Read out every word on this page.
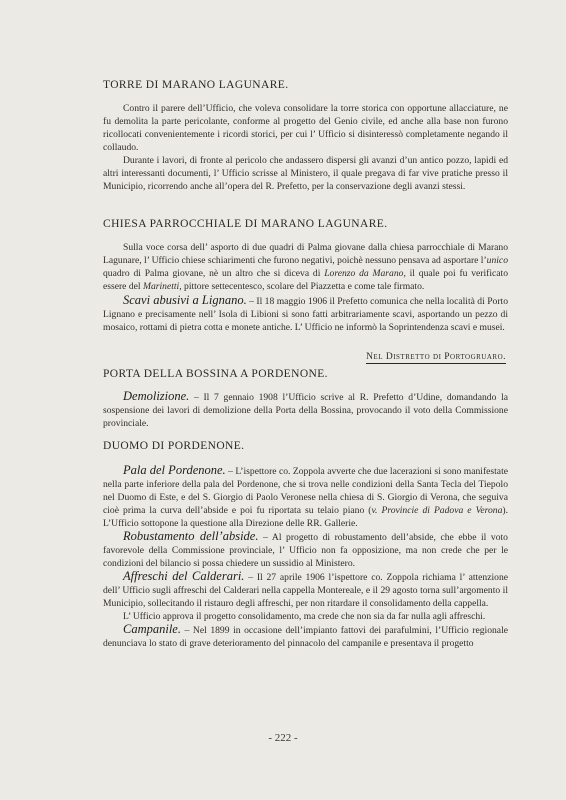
TORRE DI MARANO LAGUNARE.

Contro il parere dell’Ufficio, che voleva consolidare la torre storica con opportune allacciature, ne fu demolita la parte pericolante, conforme al progetto del Genio civile, ed anche alla base non furono ricollocati convenientemente i ricordi storici, per cui l’ Ufficio si disinteressò completamente negando il collaudo.

Durante i lavori, di fronte al pericolo che andassero dispersi gli avanzi d’un antico pozzo, lapidi ed altri interessanti documenti, l’ Ufficio scrisse al Ministero, il quale pregava di far vive pratiche presso il Municipio, ricorrendo anche all’opera del R. Prefetto, per la conservazione degli avanzi stessi.

CHIESA PARROCCHIALE DI MARANO LAGUNARE.

Sulla voce corsa dell’ asporto di due quadri di Palma giovane dalla chiesa parrocchiale di Marano Lagunare, l’ Ufficio chiese schiarimenti che furono negativi, poichè nessuno pensava ad asportare l’unico quadro di Palma giovane, nè un altro che si diceva di Lorenzo da Marano, il quale poi fu verificato essere del Marinetti, pittore settecentesco, scolare del Piazzetta e come tale firmato.

Scavi abusivi a Lignano. – Il 18 maggio 1906 il Prefetto comunica che nella località di Porto Lignano e precisamente nell’ Isola di Libioni si sono fatti arbitrariamente scavi, asportando un pezzo di mosaico, rottami di pietra cotta e monete antiche. L’ Ufficio ne informò la Soprintendenza scavi e musei.

Nel Distretto di Portogruaro.
PORTA DELLA BOSSINA A PORDENONE.

Demolizione. – Il 7 gennaio 1908 l’Ufficio scrive al R. Prefetto d’Udine, domandando la sospensione dei lavori di demolizione della Porta della Bossina, provocando il voto della Commissione provinciale.

DUOMO DI PORDENONE.

Pala del Pordenone. – L’ispettore co. Zoppola avverte che due lacerazioni si sono manifestate nella parte inferiore della pala del Pordenone, che si trova nelle condizioni della Santa Tecla del Tiepolo nel Duomo di Este, e del S. Giorgio di Paolo Veronese nella chiesa di S. Giorgio di Verona, che seguiva cioè prima la curva dell’abside e poi fu riportata su telaio piano (v. Provincie di Padova e Verona). L’Ufficio sottopone la questione alla Direzione delle RR. Gallerie.

Robustamento dell’abside. – Al progetto di robustamento dell’abside, che ebbe il voto favorevole della Commissione provinciale, l’ Ufficio non fa opposizione, ma non crede che per le condizioni del bilancio si possa chiedere un sussidio al Ministero.

Affreschi del Calderari. – Il 27 aprile 1906 l’ispettore co. Zoppola richiama l’ attenzione dell’ Ufficio sugli affreschi del Calderari nella cappella Montereale, e il 29 agosto torna sull’argomento il Municipio, sollecitando il ristauro degli affreschi, per non ritardare il consolidamento della cappella.

L’ Ufficio approva il progetto consolidamento, ma crede che non sia da far nulla agli affreschi.

Campanile. – Nel 1899 in occasione dell’impianto fattovi dei parafulmini, l’Ufficio regionale denunciava lo stato di grave deterioramento del pinnacolo del campanile e presentava il progetto

- 222 -
